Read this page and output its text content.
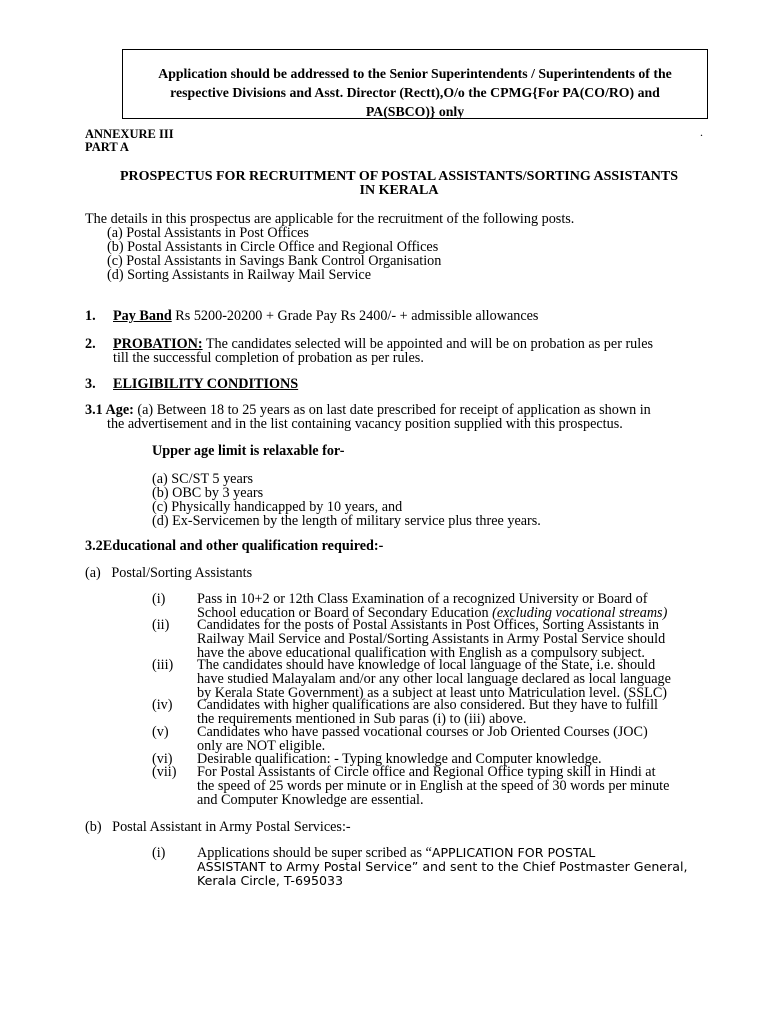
Application should be addressed to the Senior Superintendents / Superintendents of the
respective Divisions and Asst. Director (Rectt),O/o the CPMG{For PA(CO/RO) and
PA(SBCO)} only
ANNEXURE III
PART A
.
PROSPECTUS FOR RECRUITMENT OF POSTAL ASSISTANTS/SORTING ASSISTANTS
IN KERALA
The details in this prospectus are applicable for the recruitment of the following posts.
(a) Postal Assistants in Post Offices
(b) Postal Assistants in Circle Office and Regional Offices
(c) Postal Assistants in Savings Bank Control Organisation
(d) Sorting Assistants in Railway Mail Service
1. Pay Band Rs 5200-20200 + Grade Pay Rs 2400/- + admissible allowances
2. PROBATION: The candidates selected will be appointed and will be on probation as per rules
till the successful completion of probation as per rules.
3. ELIGIBILITY CONDITIONS
3.1 Age: (a) Between 18 to 25 years as on last date prescribed for receipt of application as shown in
the advertisement and in the list containing vacancy position supplied with this prospectus.
Upper age limit is relaxable for-
(a) SC/ST 5 years
(b) OBC by 3 years
(c) Physically handicapped by 10 years, and
(d) Ex-Servicemen by the length of military service plus three years.
3.2Educational and other qualification required:-
(a)   Postal/Sorting Assistants
(i)	Pass in 10+2 or 12th Class Examination of a recognized University or Board of
School education or Board of Secondary Education (excluding vocational streams)
(ii)	Candidates for the posts of Postal Assistants in Post Offices, Sorting Assistants in
Railway Mail Service and Postal/Sorting Assistants in Army Postal Service should
have the above educational qualification with English as a compulsory subject.
(iii)	The candidates should have knowledge of local language of the State, i.e. should
have studied Malayalam and/or any other local language declared as local language
by Kerala State Government) as a subject at least unto Matriculation level. (SSLC)
(iv)	Candidates with higher qualifications are also considered. But they have to fulfill
the requirements mentioned in Sub paras (i) to (iii) above.
(v)	Candidates who have passed vocational courses or Job Oriented Courses (JOC)
only are NOT eligible.
(vi)	Desirable qualification: - Typing knowledge and Computer knowledge.
(vii)	For Postal Assistants of Circle office and Regional Office typing skill in Hindi at
the speed of 25 words per minute or in English at the speed of 30 words per minute
and Computer Knowledge are essential.
(b)   Postal Assistant in Army Postal Services:-
(i)	Applications should be super scribed as “APPLICATION FOR POSTAL
ASSISTANT to Army Postal Service” and sent to the Chief Postmaster General,
Kerala Circle, T-695033
